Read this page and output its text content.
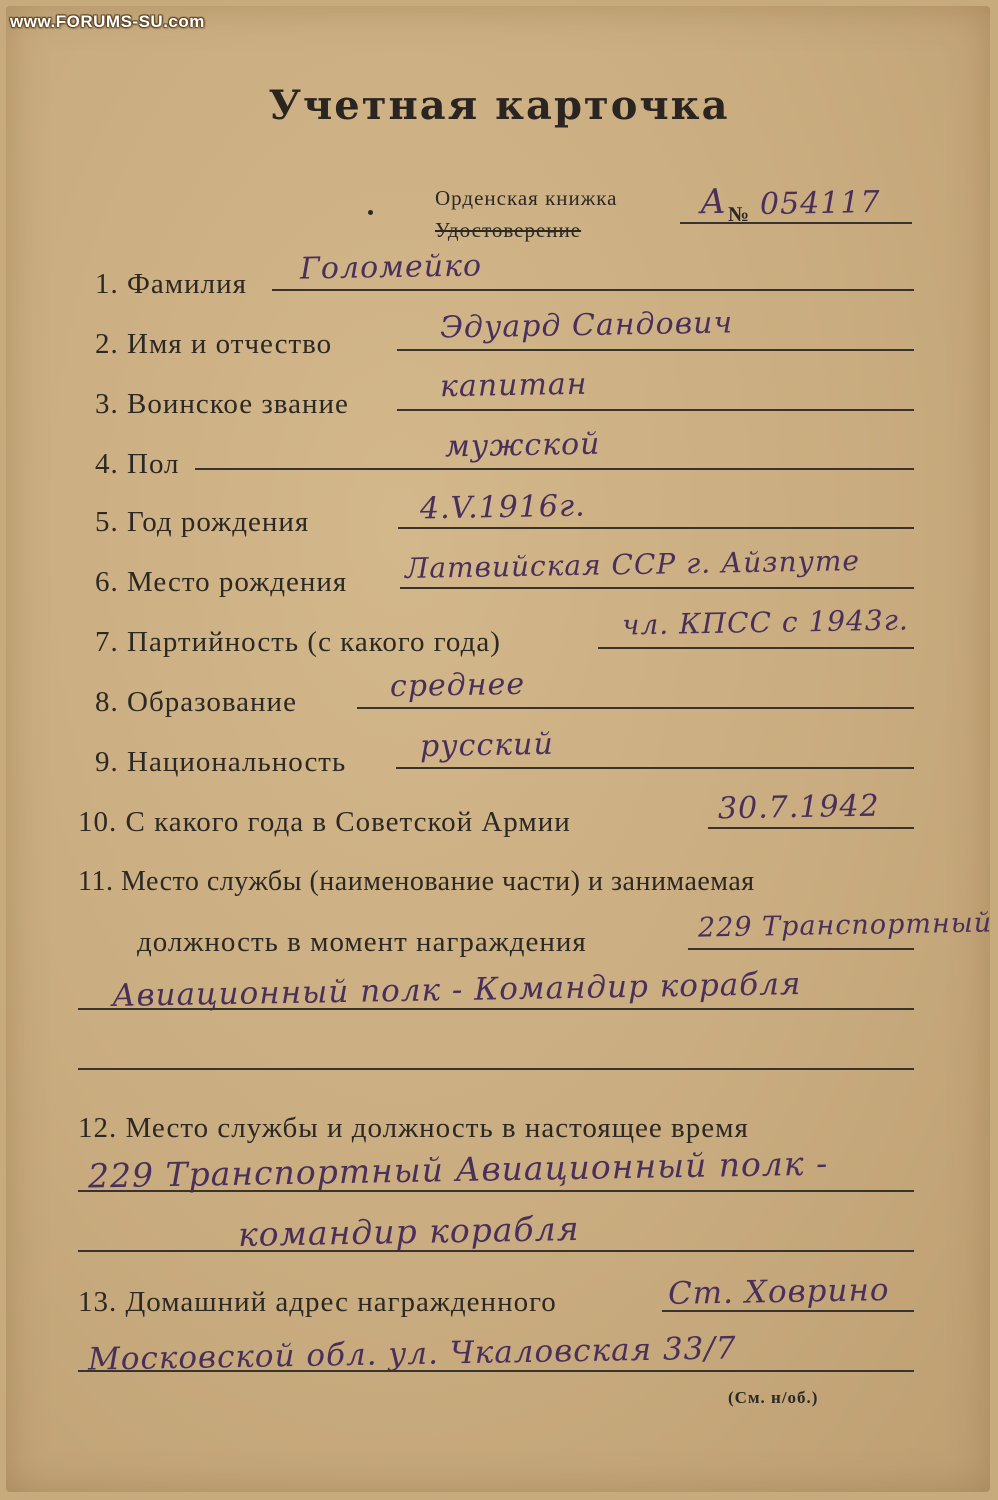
www.FORUMS-SU.com
Учетная карточка
Орденская книжка
Удостоверение
А № 054117
1. Фамилия Голомейко
2. Имя и отчество	Эдуард Сандович
3. Воинское звание	капитан
4. Пол	мужской
5. Год рождения	4.V.1916г.
6. Место рождения Латвийская ССР г. Айзпуте
7. Партийность (с какого года)
чл. КПСС с 1943г.
8. Образование	среднее
9. Национальность русский
10. С какого года в Советской Армии	30.7.1942
11. Место службы (наименование части) и занимаемая
должность в момент награждения	229 Транспортный
Авиационный полк - Командир корабля
12. Место службы и должность в настоящее время
229 Транспортный Авиационный полк -
командир корабля
13. Домашний адрес награжденного	Ст. Ховрино
Московской обл. ул. Чкаловская 33/7
(См. н/об.)
